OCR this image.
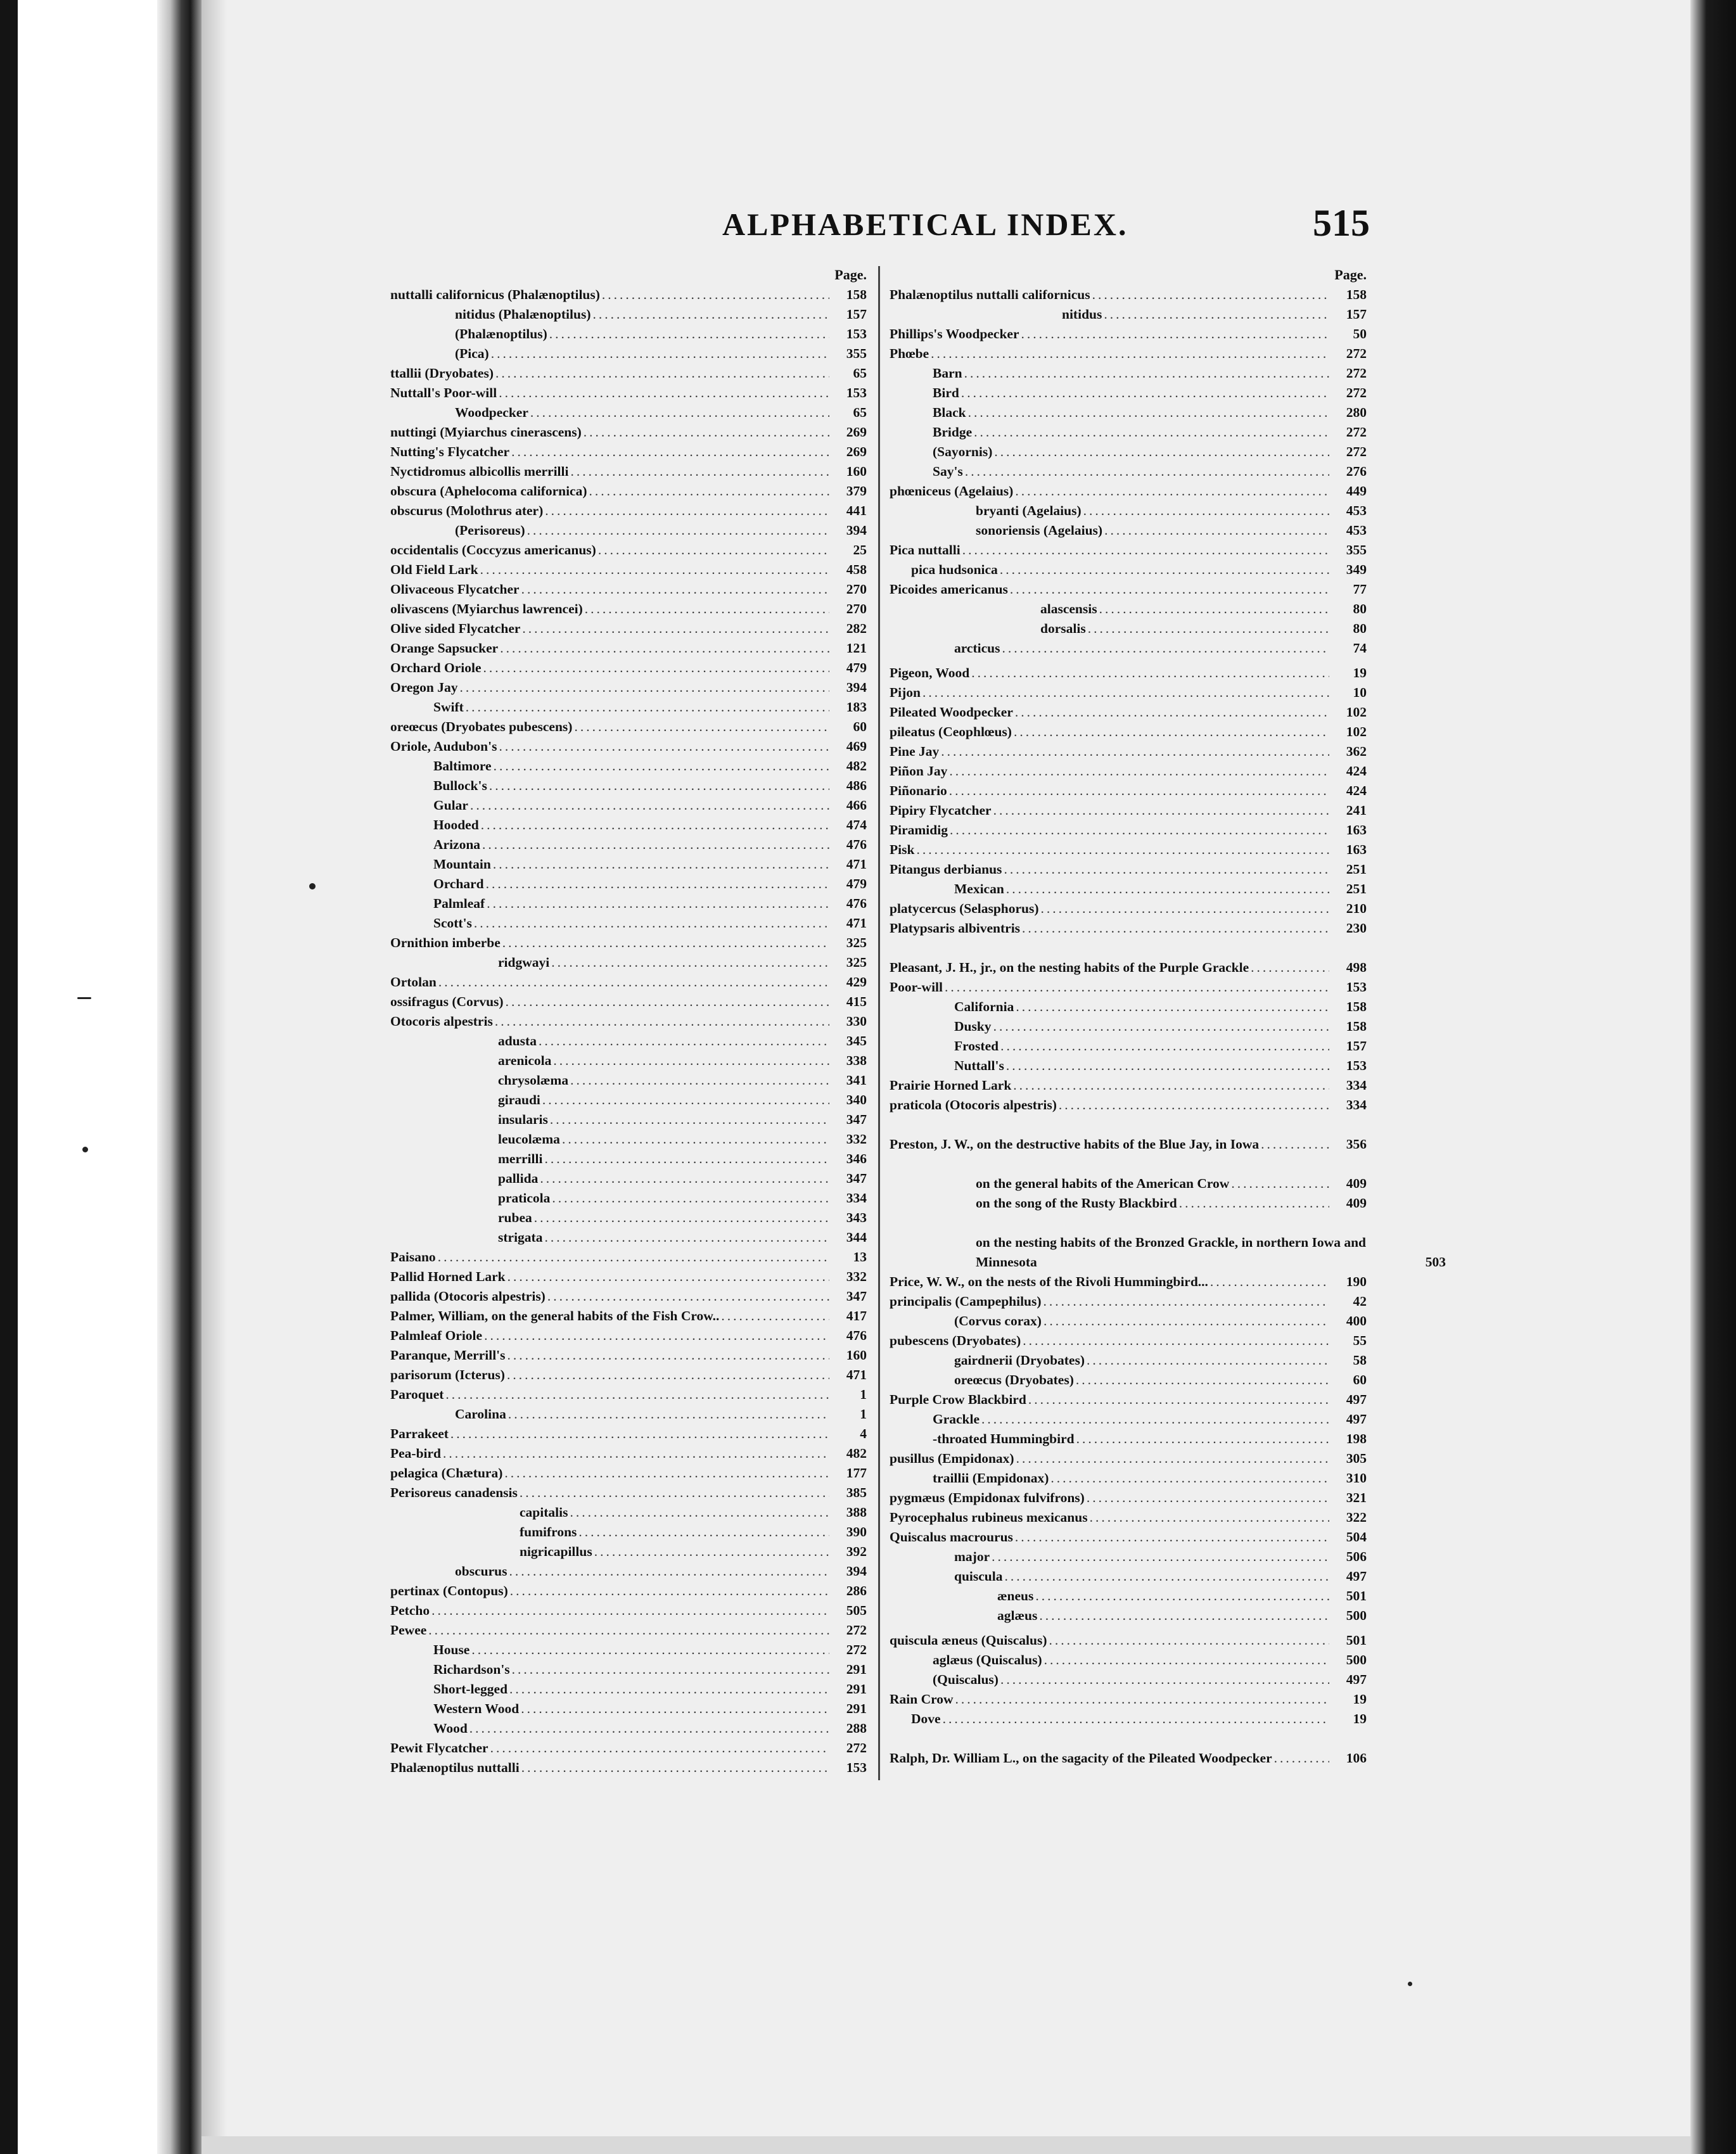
ALPHABETICAL INDEX.	515
Page.
nuttalli californicus (Phalænoptilus) .....	158
nitidus (Phalænoptilus) .....	157
(Phalænoptilus) .....	153
(Pica) .....	355
ttallii (Dryobates) .....	65
Nuttall's Poor-will .....	153
Woodpecker .....	65
nuttingi (Myiarchus cinerascens) .....	269
Nutting's Flycatcher .....	269
Nyctidromus albicollis merrilli .....	160
obscura (Aphelocoma californica) .....	379
obscurus (Molothrus ater) .....	441
(Perisoreus) .....	394
occidentalis (Coccyzus americanus) .....	25
Old Field Lark .....	458
Olivaceous Flycatcher .....	270
olivascens (Myiarchus lawrencei) .....	270
Olive sided Flycatcher .....	282
Orange Sapsucker .....	121
Orchard Oriole .....	479
Oregon Jay .....	394
Swift .....	183
oreœcus (Dryobates pubescens) .....	60
Oriole, Audubon's .....	469
Baltimore .....	482
Bullock's .....	486
Gular .....	466
Hooded .....	474
Arizona .....	476
Mountain .....	471
Orchard .....	479
Palmleaf .....	476
Scott's .....	471
Ornithion imberbe .....	325
ridgwayi .....	325
Ortolan .....	429
ossifragus (Corvus) .....	415
Otocoris alpestris .....	330
adusta .....	345
arenicola .....	338
chrysolæma .....	341
giraudi .....	340
insularis .....	347
leucolæma .....	332
merrilli .....	346
pallida .....	347
praticola .....	334
rubea .....	343
strigata .....	344
Paisano .....	13
Pallid Horned Lark .....	332
pallida (Otocoris alpestris) .....	347
Palmer, William, on the general habits of the Fish Crow.. .....	417
Palmleaf Oriole .....	476
Paranque, Merrill's .....	160
parisorum (Icterus) .....	471
Paroquet .....	1
Carolina .....	1
Parrakeet .....	4
Pea-bird .....	482
pelagica (Chætura) .....	177
Perisoreus canadensis .....	385
capitalis .....	388
fumifrons .....	390
nigricapillus .....	392
obscurus .....	394
pertinax (Contopus) .....	286
Petcho .....	505
Pewee .....	272
House .....	272
Richardson's .....	291
Short-legged .....	291
Western Wood .....	291
Wood .....	288
Pewit Flycatcher .....	272
Phalænoptilus nuttalli .....	153
Page.
Phalænoptilus nuttalli californicus .....	158
nitidus .....	157
Phillips's Woodpecker .....	50
Phœbe .....	272
Barn .....	272
Bird .....	272
Black .....	280
Bridge .....	272
(Sayornis) .....	272
Say's .....	276
phœniceus (Agelaius) .....	449
bryanti (Agelaius) .....	453
sonoriensis (Agelaius) .....	453
Pica nuttalli .....	355
pica hudsonica .....	349
Picoides americanus .....	77
alascensis .....	80
dorsalis .....	80
arcticus .....	74
Pigeon, Wood .....	19
Pijon .....	10
Pileated Woodpecker .....	102
pileatus (Ceophlœus) .....	102
Pine Jay .....	362
Piñon Jay .....	424
Piñonario .....	424
Pipiry Flycatcher .....	241
Piramidig .....	163
Pisk .....	163
Pitangus derbianus .....	251
Mexican .....	251
platycercus (Selasphorus) .....	210
Platypsaris albiventris .....	230
Pleasant, J. H., jr., on the nesting habits of the Purple Grackle .....	498
Poor-will .....	153
California .....	158
Dusky .....	158
Frosted .....	157
Nuttall's .....	153
Prairie Horned Lark .....	334
praticola (Otocoris alpestris) .....	334
Preston, J. W., on the destructive habits of the Blue Jay, in Iowa .....	356
on the general habits of the American Crow .....	409
on the song of the Rusty Blackbird .....	409
on the nesting habits of the Bronzed Grackle, in northern Iowa and Minnesota	503
Price, W. W., on the nests of the Rivoli Hummingbird... .....	190
principalis (Campephilus) .....	42
(Corvus corax) .....	400
pubescens (Dryobates) .....	55
gairdnerii (Dryobates) .....	58
oreœcus (Dryobates) .....	60
Purple Crow Blackbird .....	497
Grackle .....	497
-throated Hummingbird .....	198
pusillus (Empidonax) .....	305
traillii (Empidonax) .....	310
pygmæus (Empidonax fulvifrons) .....	321
Pyrocephalus rubineus mexicanus .....	322
Quiscalus macrourus .....	504
major .....	506
quiscula .....	497
æneus .....	501
aglæus .....	500
quiscula æneus (Quiscalus) .....	501
aglæus (Quiscalus) .....	500
(Quiscalus) .....	497
Rain Crow .....	19
Dove .....	19
Ralph, Dr. William L., on the sagacity of the Pileated Woodpecker .....	106
